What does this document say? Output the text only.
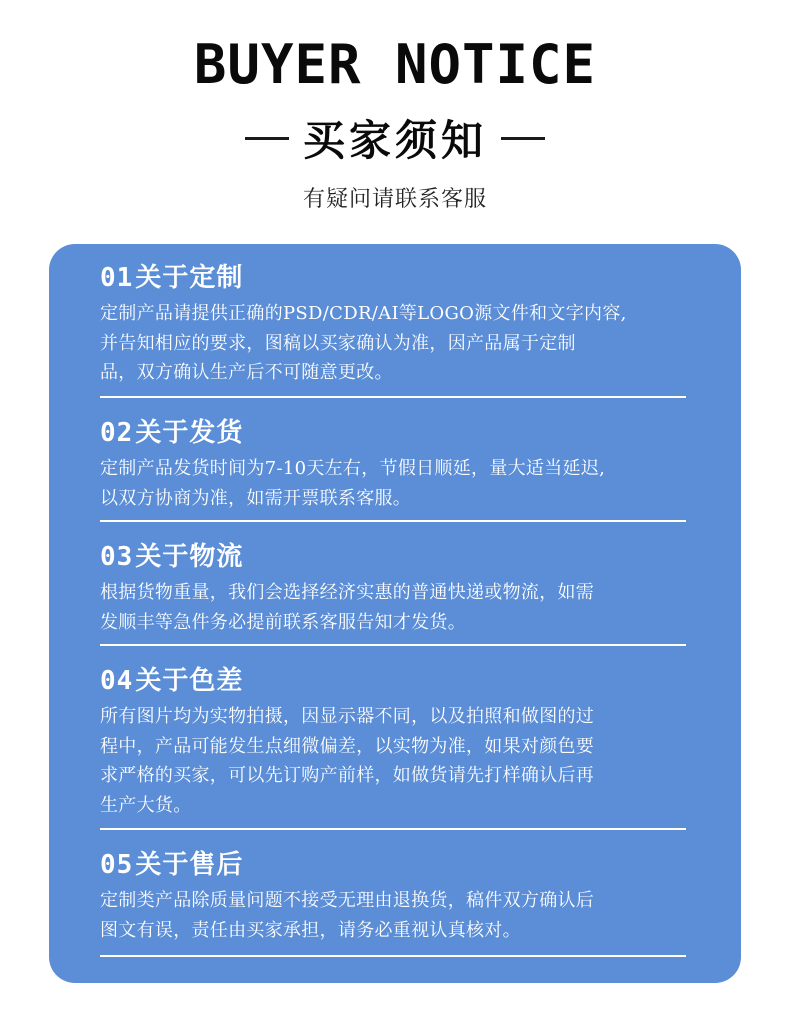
BUYER NOTICE
买家须知
有疑问请联系客服
01关于定制
定制产品请提供正确的PSD/CDR/AI等LOGO源文件和文字内容,
并告知相应的要求，图稿以买家确认为准，因产品属于定制
品，双方确认生产后不可随意更改。
02关于发货
定制产品发货时间为7-10天左右，节假日顺延，量大适当延迟,
以双方协商为准，如需开票联系客服。
03关于物流
根据货物重量，我们会选择经济实惠的普通快递或物流，如需
发顺丰等急件务必提前联系客服告知才发货。
04关于色差
所有图片均为实物拍摄，因显示器不同，以及拍照和做图的过
程中，产品可能发生点细微偏差，以实物为准，如果对颜色要
求严格的买家，可以先订购产前样，如做货请先打样确认后再
生产大货。
05关于售后
定制类产品除质量问题不接受无理由退换货，稿件双方确认后
图文有误，责任由买家承担，请务必重视认真核对。
